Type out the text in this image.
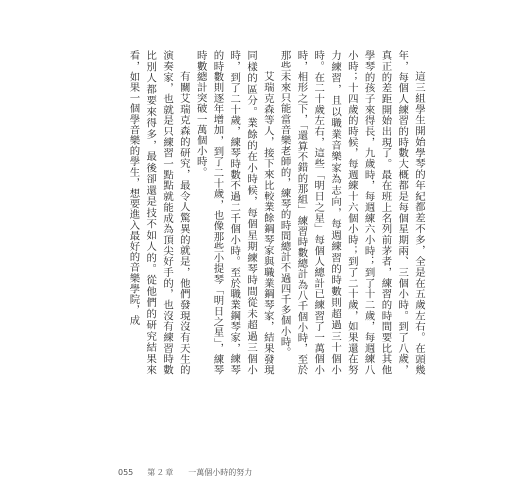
這三組學生開始學琴的年紀都差不多，全是在五歲左右。在頭幾年，每個人練習的時數大概都是每個星期兩、三個小時。到了八歲，真正的差距開始出現了。最在班上名列前茅者，練習的時間要比其他學琴的孩子來得長，九歲時，每週練六小時；到了十二歲，每週練八小時；十四歲的時候，每週練十六個小時；到了二十歲，如果還在努力練習，且以職業音樂家為志向，每週練習的時數則超過三十個小時。在二十歲左右，這些「明日之星」每個人總計已練習了一萬個小時，相形之下，「還算不錯的那組」練習時數總計為八千個小時，至於那些未來只能當音樂老師的，練琴的時間總計不過四千多個小時。

艾瑞克森等人，接下來比較業餘鋼琴家與職業鋼琴家，結果發現同樣的區分。業餘的在小時候，每個星期練琴時間從未超過三個小時，到了二十歲，練琴時數不過二千個小時。至於職業鋼琴家，練琴的時數則逐年增加，到了二十歲，也像那些小提琴「明日之星」，練琴時數總計突破一萬個小時。

有關艾瑞克森的研究，最令人驚異的就是，他們發現沒有天生的演奏家，也就是只練習一點點就能成為頂尖好手的，也沒有練習時數比別人都要來得多，最後卻還是技不如人的。從他們的研究結果來看，如果一個學音樂的學生，想要進入最好的音樂學院，成

055 第２章 一萬個小時的努力
